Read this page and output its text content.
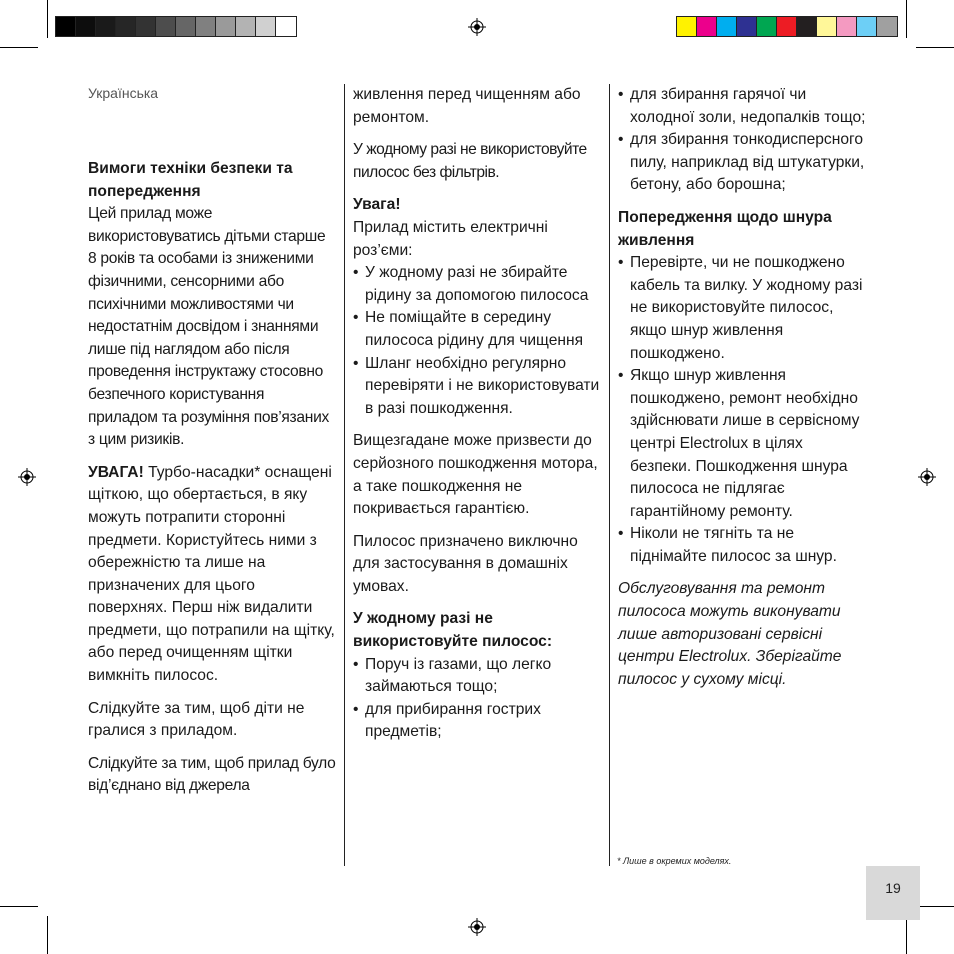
Українська

Вимоги техніки безпеки та попередження

Цей прилад може використовуватись дітьми старше 8 років та особами із зниженими фізичними, сенсорними або психічними можливостями чи недостатнім досвідом і знаннями лише під наглядом або після проведення інструктажу стосовно безпечного користування приладом та розуміння пов’язаних з цим ризиків.

УВАГА! Турбо-насадки* оснащені щіткою, що обертається, в яку можуть потрапити сторонні предмети. Користуйтесь ними з обережністю та лише на призначених для цього поверхнях. Перш ніж видалити предмети, що потрапили на щітку, або перед очищенням щітки вимкніть пилосос.

Слідкуйте за тим, щоб діти не гралися з приладом.

Слідкуйте за тим, щоб прилад було від’єднано від джерела

живлення перед чищенням або ремонтом.

У жодному разі не використовуйте пилосос без фільтрів.

Увага!

Прилад містить електричні роз’єми:

• У жодному разі не збирайте рідину за допомогою пилососа
• Не поміщайте в середину пилососа рідину для чищення
• Шланг необхідно регулярно перевіряти і не використовувати в разі пошкодження.

Вищезгадане може призвести до серйозного пошкодження мотора, а таке пошкодження не покривається гарантією.

Пилосос призначено виключно для застосування в домашніх умовах.

У жодному разі не використовуйте пилосос:

• Поруч із газами, що легко займаються тощо;
• для прибирання гострих предметів;
• для збирання гарячої чи холодної золи, недопалків тощо;
• для збирання тонкодисперсного пилу, наприклад від штукатурки, бетону, або борошна;

Попередження щодо шнура живлення

• Перевірте, чи не пошкоджено кабель та вилку. У жодному разі не використовуйте пилосос, якщо шнур живлення пошкоджено.
• Якщо шнур живлення пошкоджено, ремонт необхідно здійснювати лише в сервісному центрі Electrolux в цілях безпеки. Пошкодження шнура пилососа не підлягає гарантійному ремонту.
• Ніколи не тягніть та не піднімайте пилосос за шнур.

Обслуговування та ремонт пилососа можуть виконувати лише авторизовані сервісні центри Electrolux. Зберігайте пилосос у сухому місці.

* Лише в окремих моделях.
19
